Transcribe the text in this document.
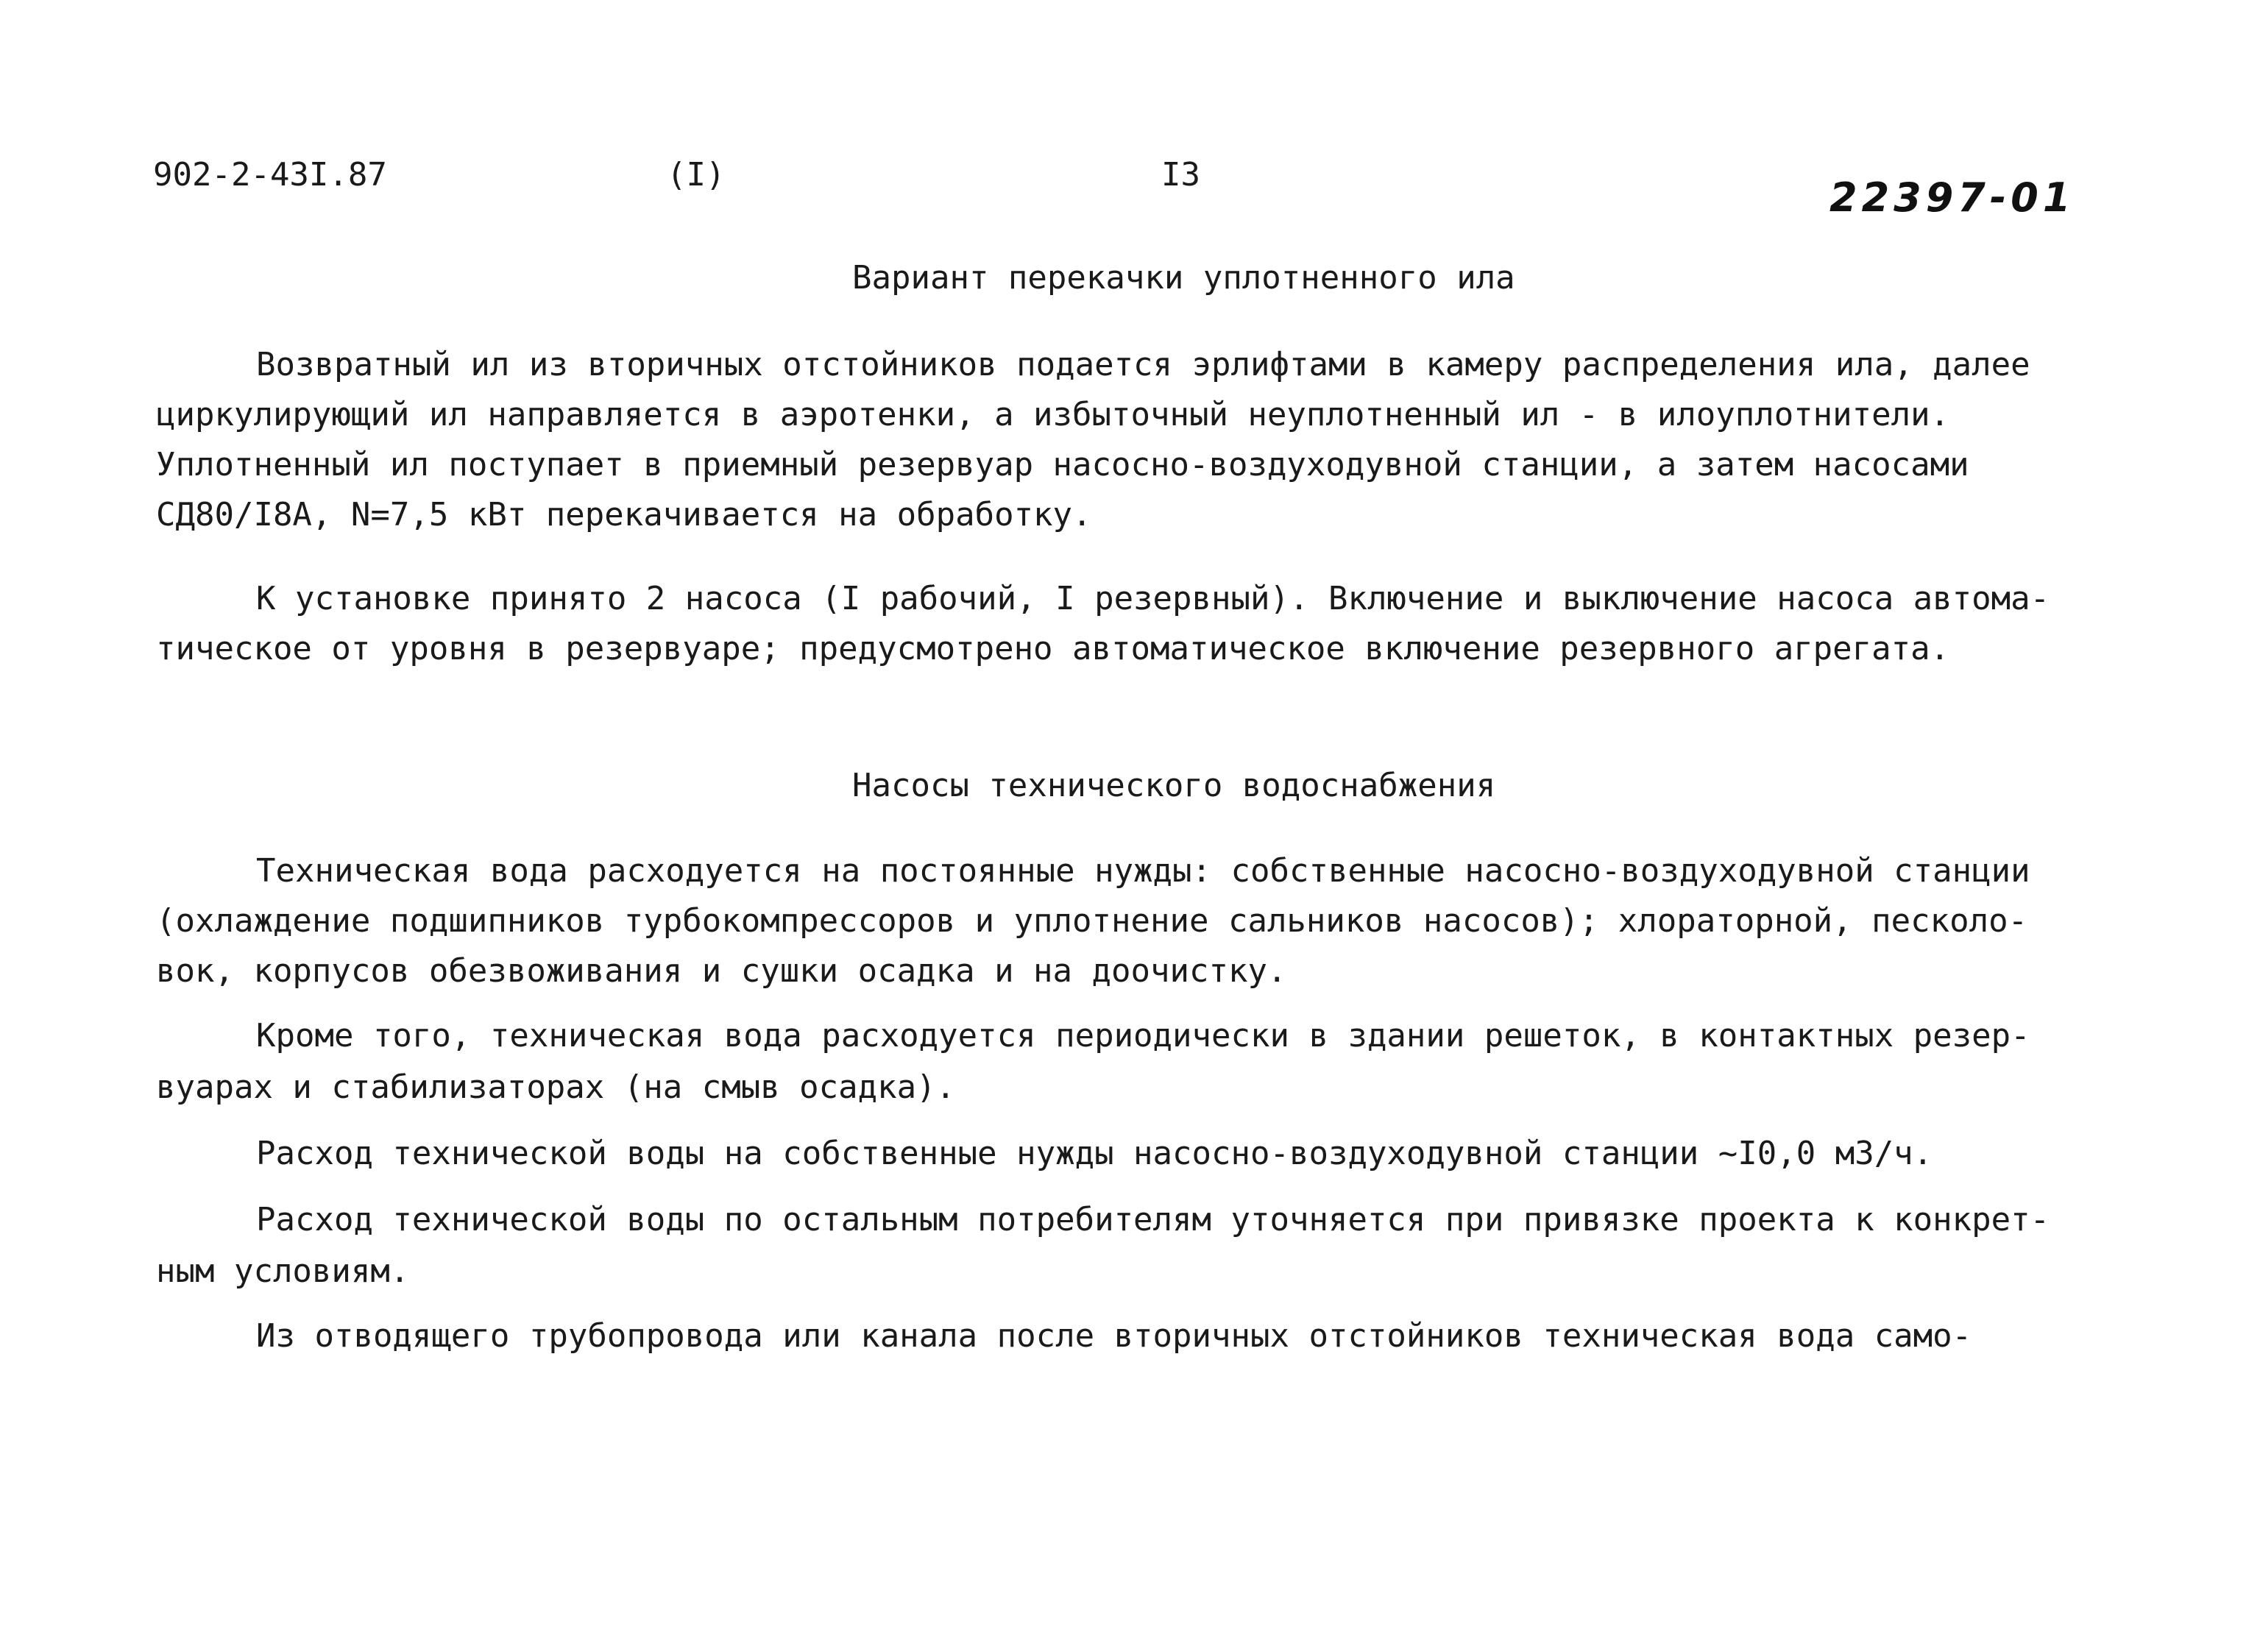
902-2-43I.87	(I)	I3	22397-01
Вариант перекачки уплотненного ила
Возвратный ил из вторичных отстойников подается эрлифтами в камеру распределения ила, далее
циркулирующий ил направляется в аэротенки, а избыточный неуплотненный ил - в илоуплотнители.
Уплотненный ил поступает в приемный резервуар насосно-воздуходувной станции, а затем насосами
СД80/I8А, N=7,5 кВт перекачивается на обработку.
К установке принято 2 насоса (I рабочий, I резервный). Включение и выключение насоса автома-
тическое от уровня в резервуаре; предусмотрено автоматическое включение резервного агрегата.
Насосы технического водоснабжения
Техническая вода расходуется на постоянные нужды: собственные насосно-воздуходувной станции
(охлаждение подшипников турбокомпрессоров и уплотнение сальников насосов); хлораторной, песколо-
вок, корпусов обезвоживания и сушки осадка и на доочистку.
Кроме того, техническая вода расходуется периодически в здании решеток, в контактных резер-
вуарах и стабилизаторах (на смыв осадка).
Расход технической воды на собственные нужды насосно-воздуходувной станции ~I0,0 м3/ч.
Расход технической воды по остальным потребителям уточняется при привязке проекта к конкрет-
ным условиям.
Из отводящего трубопровода или канала после вторичных отстойников техническая вода само-
